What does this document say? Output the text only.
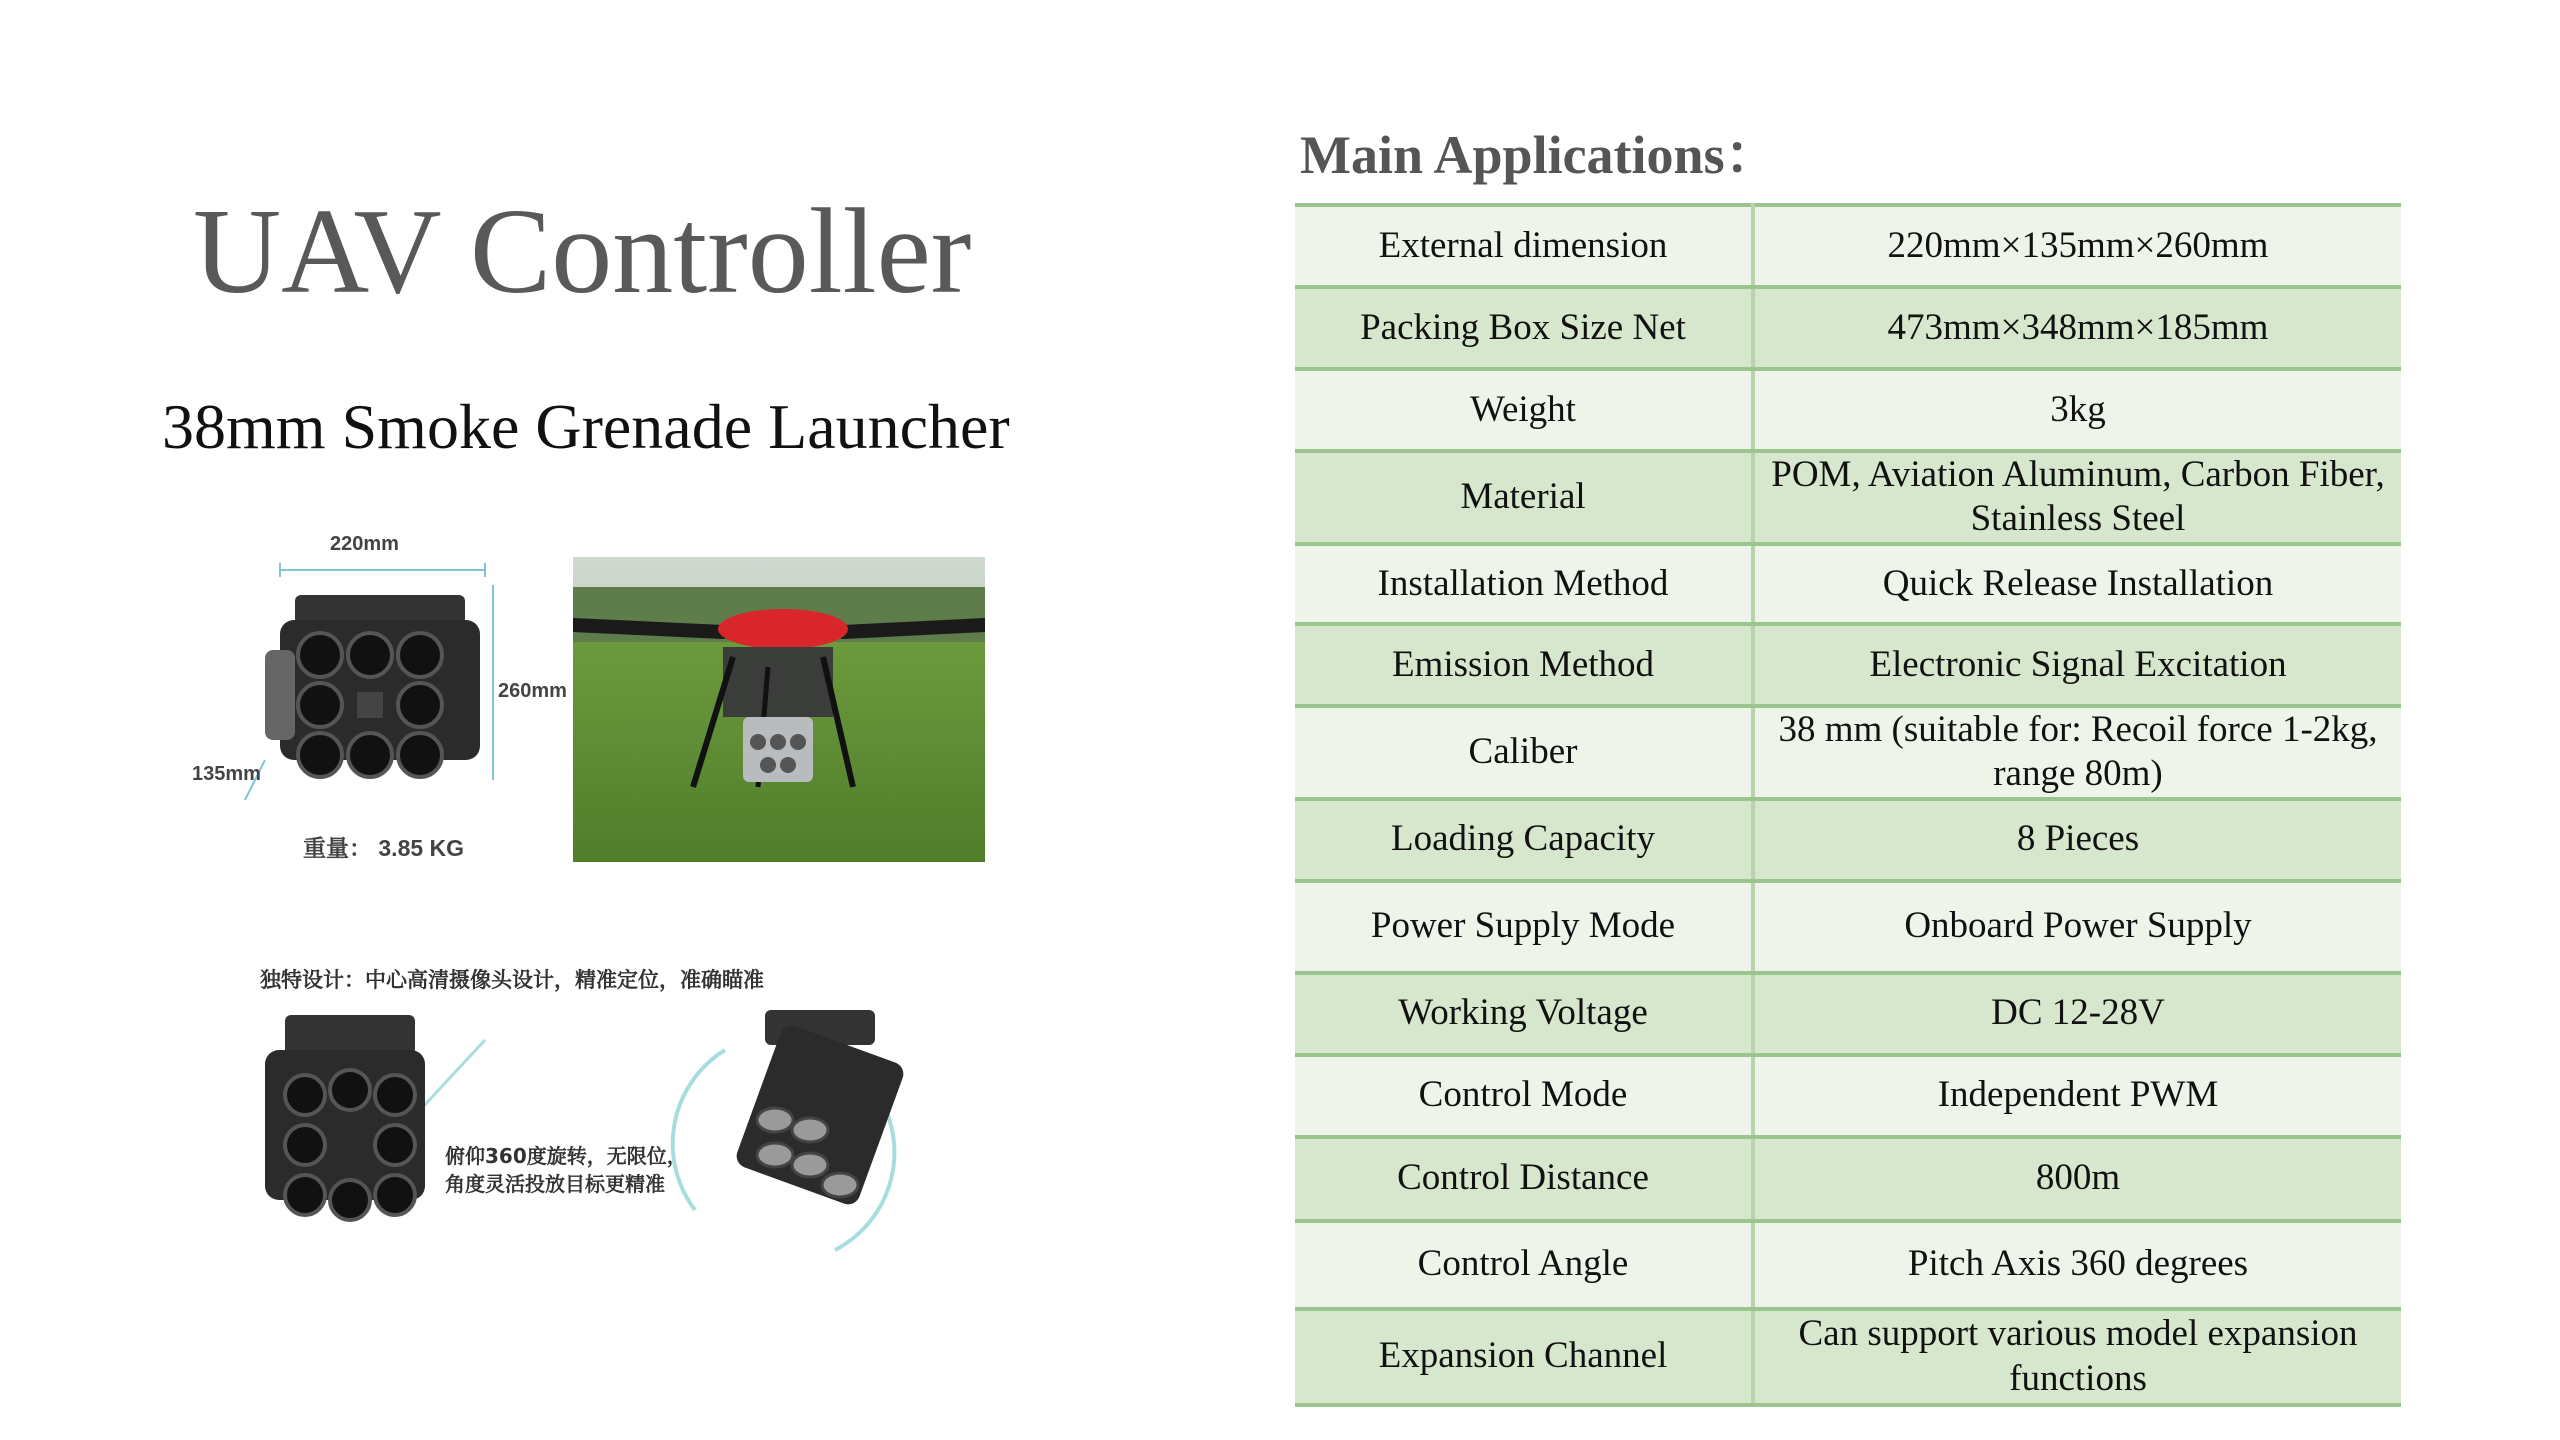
UAV Controller
38mm Smoke Grenade Launcher
220mm
260mm
135mm
重量： 3.85 KG
独特设计：中心高清摄像头设计，精准定位，准确瞄准
俯仰360度旋转，无限位，
角度灵活投放目标更精准
Main Applications：
External dimension	220mm×135mm×260mm
Packing Box Size Net	473mm×348mm×185mm
Weight	3kg
Material	POM, Aviation Aluminum, Carbon Fiber, Stainless Steel
Installation Method	Quick Release Installation
Emission Method	Electronic Signal Excitation
Caliber	38 mm (suitable for: Recoil force 1-2kg, range 80m)
Loading Capacity	8 Pieces
Power Supply Mode	Onboard Power Supply
Working Voltage	DC 12-28V
Control Mode	Independent PWM
Control Distance	800m
Control Angle	Pitch Axis 360 degrees
Expansion Channel	Can support various model expansion functions
